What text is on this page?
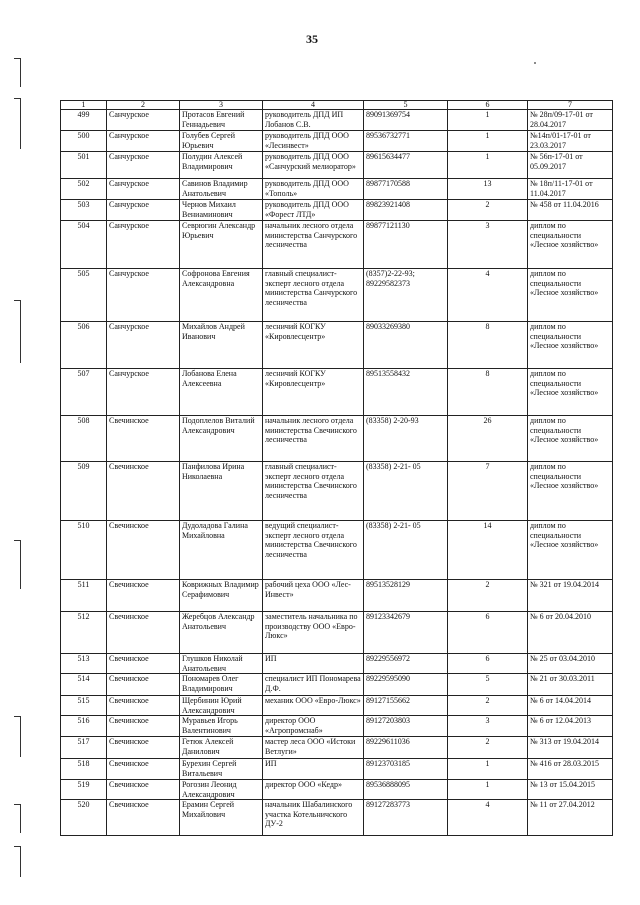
35
1	2	3	4	5	6	7
499	Санчурское	Протасов Евгений Геннадьевич	руководитель ДПД ИП Лобанов С.В.	89091369754	1	№ 28п/09-17-01 от 28.04.2017
500	Санчурское	Голубев Сергей Юрьевич	руководитель ДПД ООО «Лесинвест»	89536732771	1	№14п/01-17-01 от 23.03.2017
501	Санчурское	Полудин Алексей Владимирович	руководитель ДПД ООО «Санчурский мелиоратор»	89615634477	1	№ 56п-17-01 от 05.09.2017
502	Санчурское	Савинов Владимир Анатольевич	руководитель ДПД ООО «Тополь»	89877170588	13	№ 18п/11-17-01 от 11.04.2017
503	Санчурское	Чернов Михаил Вениаминович	руководитель ДПД ООО «Форест ЛТД»	89823921408	2	№ 458 от 11.04.2016
504	Санчурское	Севрюгин Александр Юрьевич	начальник лесного отдела министерства Санчурского лесничества	89877121130	3	диплом по специальности «Лесное хозяйство»
505	Санчурское	Софронова Евгения Александровна	главный специалист-эксперт лесного отдела министерства Санчурского лесничества	(8357)2-22-93; 89229582373	4	диплом по специальности «Лесное хозяйство»
506	Санчурское	Михайлов Андрей Иванович	лесничий КОГКУ «Кировлесцентр»	89033269380	8	диплом по специальности «Лесное хозяйство»
507	Санчурское	Лобанова Елена Алексеевна	лесничий КОГКУ «Кировлесцентр»	89513558432	8	диплом по специальности «Лесное хозяйство»
508	Свечинское	Подоплелов Виталий Александрович	начальник лесного отдела министерства Свечинского лесничества	(83358) 2-20-93	26	диплом по специальности «Лесное хозяйство»
509	Свечинское	Панфилова Ирина Николаевна	главный специалист-эксперт лесного отдела министерства Свечинского лесничества	(83358) 2-21- 05	7	диплом по специальности «Лесное хозяйство»
510	Свечинское	Дудоладова Галина Михайловна	ведущий специалист-эксперт лесного отдела министерства Свечинского лесничества	(83358) 2-21- 05	14	диплом по специальности «Лесное хозяйство»
511	Свечинское	Коврижных Владимир Серафимович	рабочий цеха ООО «Лес-Инвест»	89513528129	2	№ 321 от 19.04.2014
512	Свечинское	Жеребцов Александр Анатольевич	заместитель начальника по производству ООО «Евро-Люкс»	89123342679	6	№ 6 от 20.04.2010
513	Свечинское	Глушков Николай Анатольевич	ИП	89229556972	6	№ 25 от 03.04.2010
514	Свечинское	Пономарев Олег Владимирович	специалист ИП Пономарева Д.Ф.	89229595090	5	№ 21 от 30.03.2011
515	Свечинское	Щербинин Юрий Александрович	механик ООО «Евро-Люкс»	89127155662	2	№ 6 от 14.04.2014
516	Свечинское	Муравьев Игорь Валентинович	директор ООО «Агропромснаб»	89127203803	3	№ 6 от 12.04.2013
517	Свечинское	Гетюк Алексей Данилович	мастер леса ООО «Истоки Ветлуги»	89229611036	2	№ 313 от 19.04.2014
518	Свечинское	Бурехин Сергей Витальевич	ИП	89123703185	1	№ 416 от 28.03.2015
519	Свечинское	Рогозин Леонид Александрович	директор ООО «Кедр»	89536888095	1	№ 13 от 15.04.2015
520	Свечинское	Ерамин Сергей Михайлович	начальник Шабалинского участка Котельничского ДУ-2	89127283773	4	№ 11 от 27.04.2012
